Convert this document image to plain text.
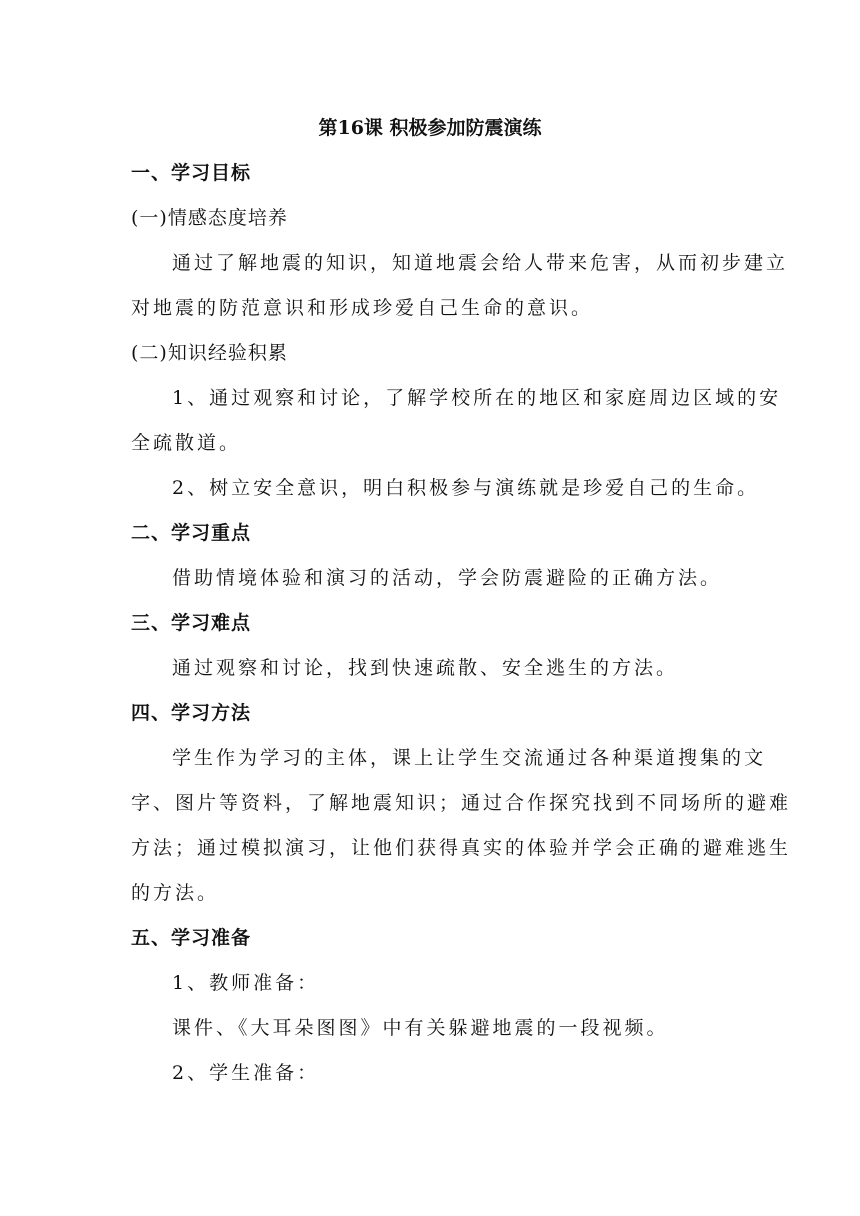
第16课 积极参加防震演练
一、学习目标
(一)情感态度培养
通过了解地震的知识，知道地震会给人带来危害，从而初步建立
对地震的防范意识和形成珍爱自己生命的意识。
(二)知识经验积累
1、通过观察和讨论，了解学校所在的地区和家庭周边区域的安
全疏散道。
2、树立安全意识，明白积极参与演练就是珍爱自己的生命。
二、学习重点
借助情境体验和演习的活动，学会防震避险的正确方法。
三、学习难点
通过观察和讨论，找到快速疏散、安全逃生的方法。
四、学习方法
学生作为学习的主体，课上让学生交流通过各种渠道搜集的文
字、图片等资料，了解地震知识；通过合作探究找到不同场所的避难
方法；通过模拟演习，让他们获得真实的体验并学会正确的避难逃生
的方法。
五、学习准备
1、教师准备：
课件、《大耳朵图图》中有关躲避地震的一段视频。
2、学生准备：
